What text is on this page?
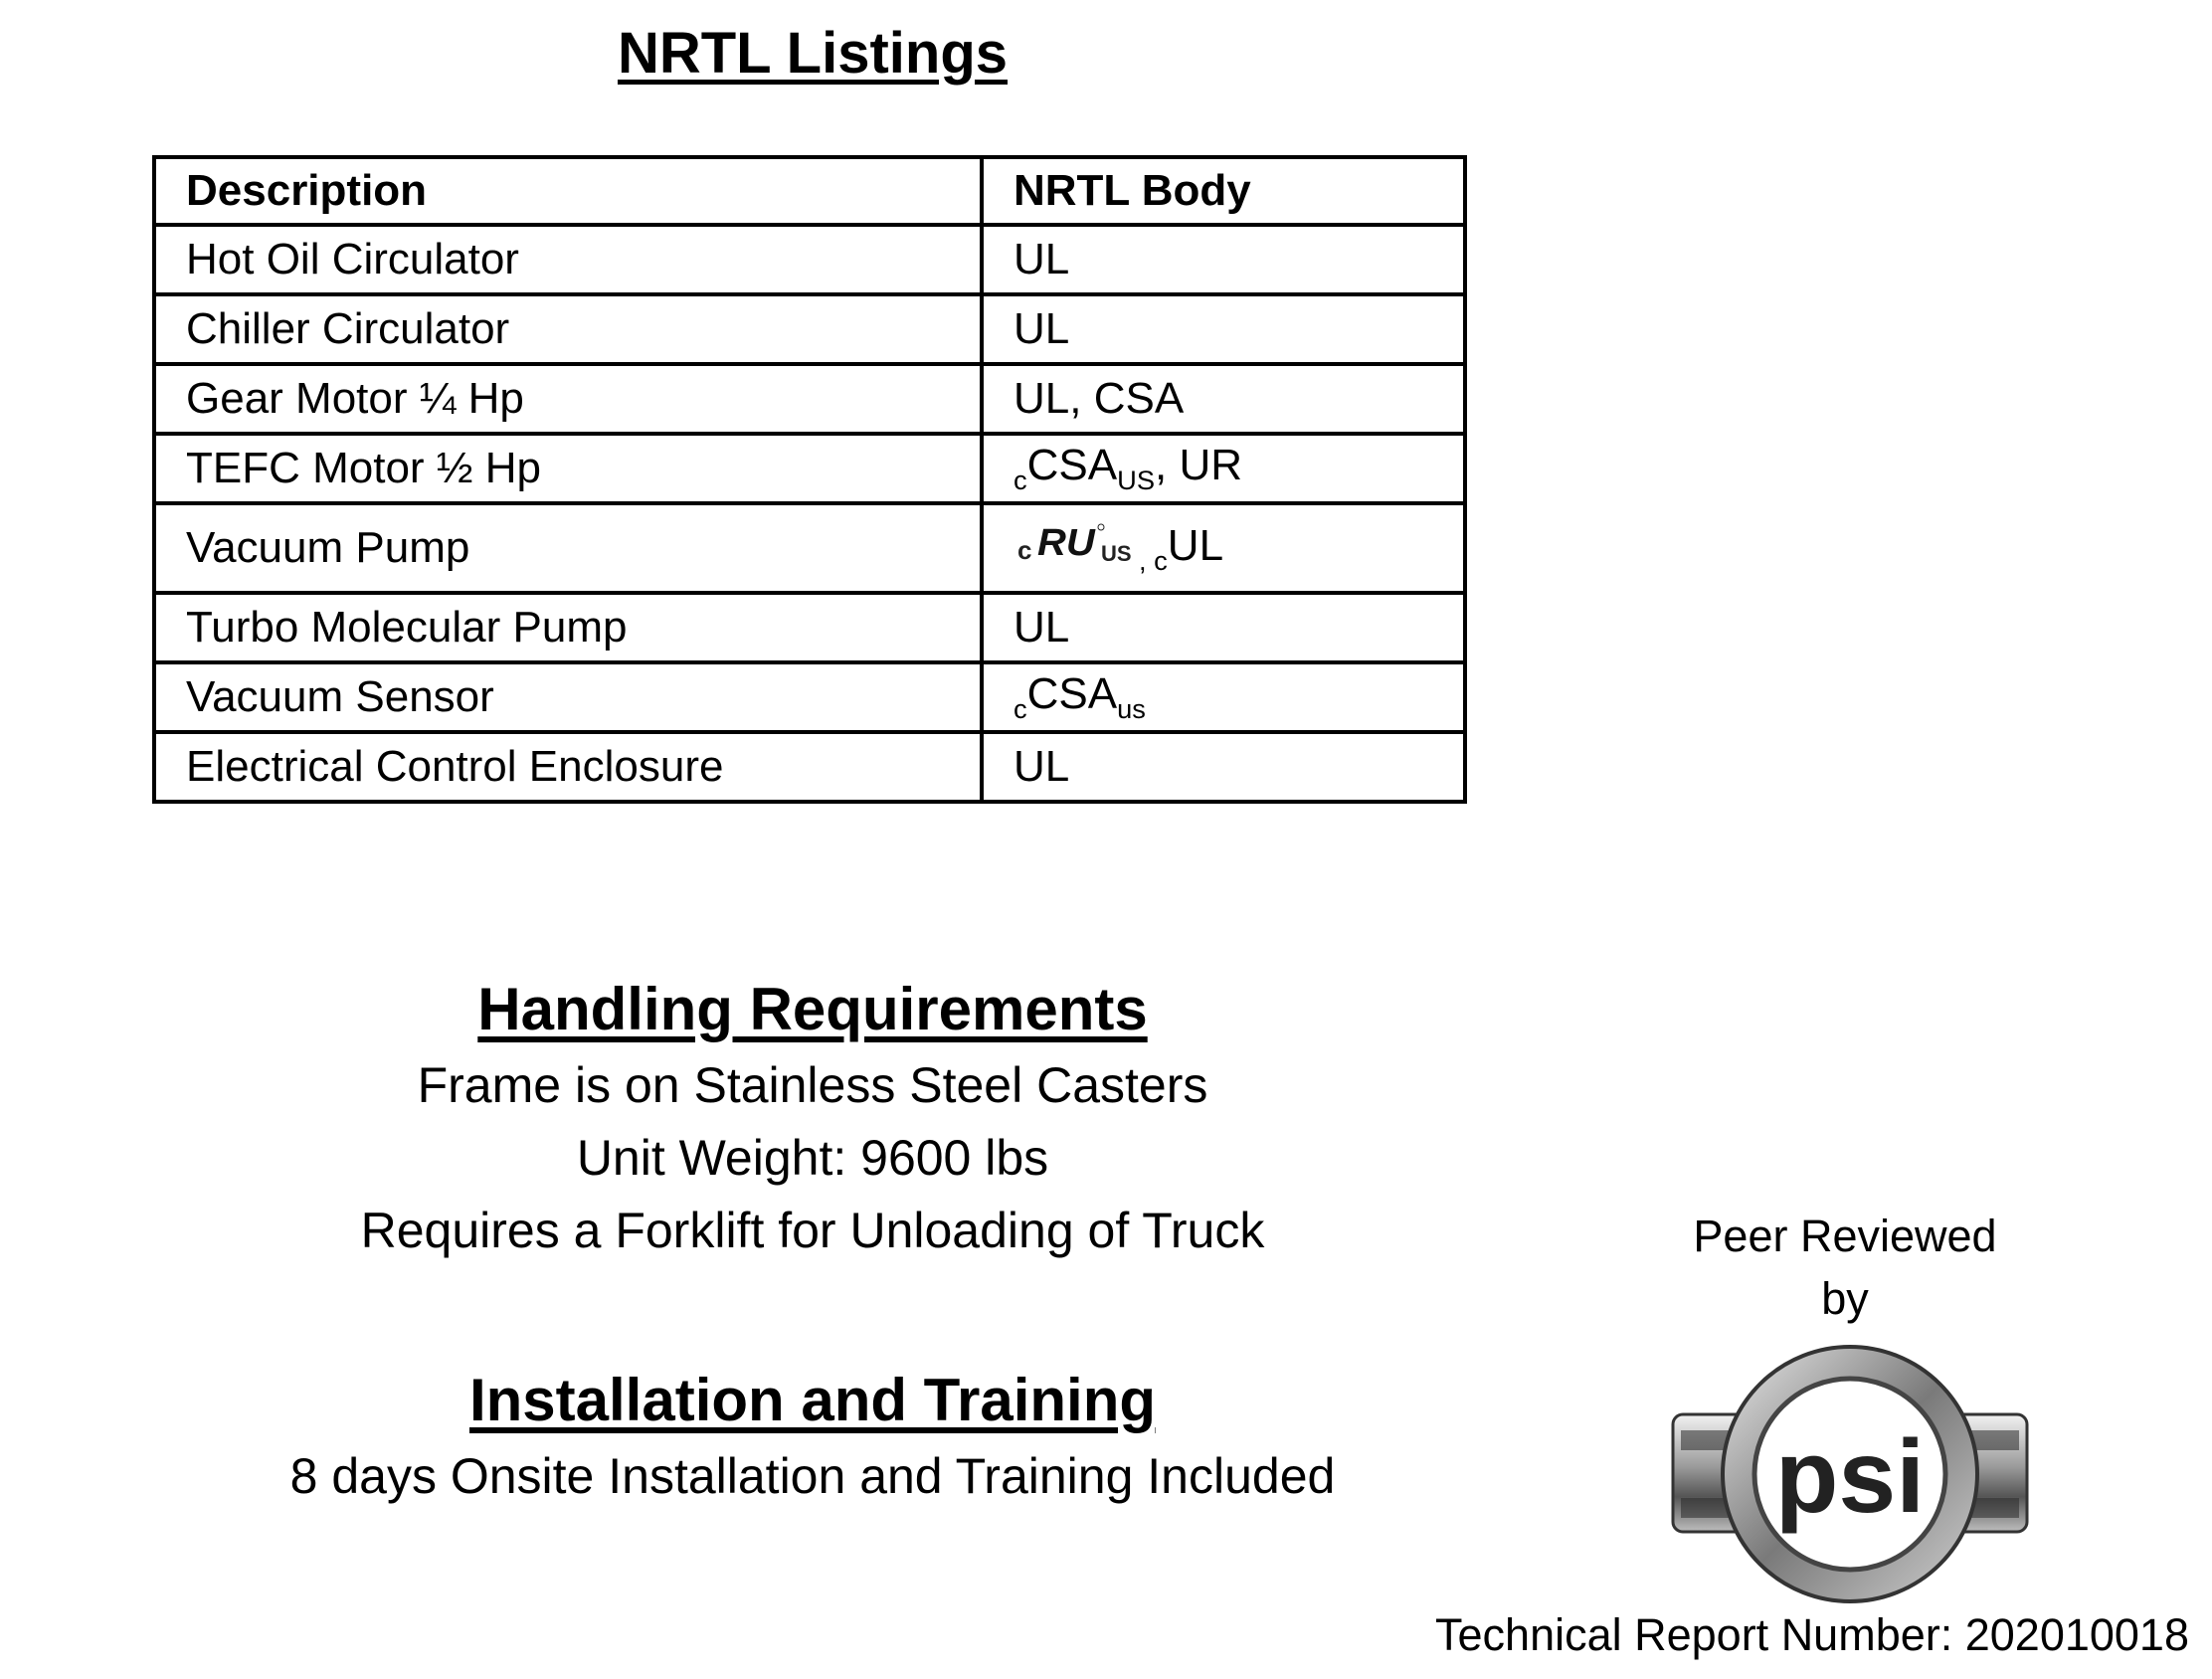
NRTL Listings
Description	NRTL Body
Hot Oil Circulator	UL
Chiller Circulator	UL
Gear Motor ¼ Hp	UL, CSA
TEFC Motor ½ Hp	$_cCSA_{US}$, UR
Vacuum Pump	c RU US $_{, c}$UL
Turbo Molecular Pump	UL
Vacuum Sensor	$_cCSA_{us}$
Electrical Control Enclosure	UL
Handling Requirements
Frame is on Stainless Steel Casters
Unit Weight: 9600 lbs
Requires a Forklift for Unloading of Truck
Installation and Training
8 days Onsite Installation and Training Included
Peer Reviewed
by
psi
Technical Report Number: 202010018
